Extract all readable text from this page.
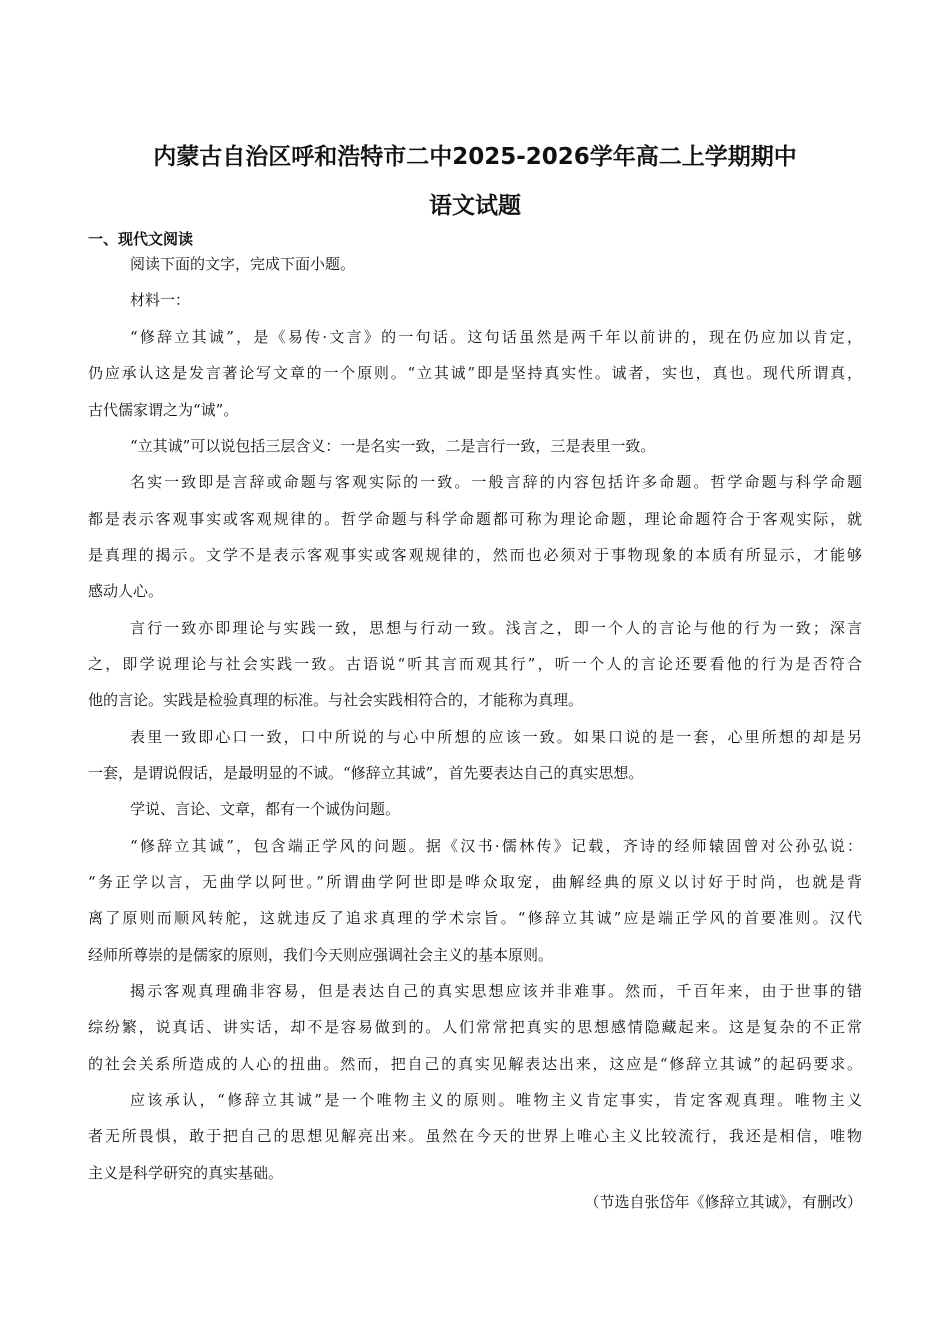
内蒙古自治区呼和浩特市二中2025-2026学年高二上学期期中
语文试题
一、现代文阅读
阅读下面的文字，完成下面小题。
材料一：
“修辞立其诚”，是《易传·文言》的一句话。这句话虽然是两千年以前讲的，现在仍应加以肯定，
仍应承认这是发言著论写文章的一个原则。“立其诚”即是坚持真实性。诚者，实也，真也。现代所谓真，
古代儒家谓之为“诚”。
“立其诚”可以说包括三层含义：一是名实一致，二是言行一致，三是表里一致。
名实一致即是言辞或命题与客观实际的一致。一般言辞的内容包括许多命题。哲学命题与科学命题
都是表示客观事实或客观规律的。哲学命题与科学命题都可称为理论命题，理论命题符合于客观实际，就
是真理的揭示。文学不是表示客观事实或客观规律的，然而也必须对于事物现象的本质有所显示，才能够
感动人心。
言行一致亦即理论与实践一致，思想与行动一致。浅言之，即一个人的言论与他的行为一致；深言
之，即学说理论与社会实践一致。古语说“听其言而观其行”，听一个人的言论还要看他的行为是否符合
他的言论。实践是检验真理的标准。与社会实践相符合的，才能称为真理。
表里一致即心口一致，口中所说的与心中所想的应该一致。如果口说的是一套，心里所想的却是另
一套，是谓说假话，是最明显的不诚。“修辞立其诚”，首先要表达自己的真实思想。
学说、言论、文章，都有一个诚伪问题。
“修辞立其诚”，包含端正学风的问题。据《汉书·儒林传》记载，齐诗的经师辕固曾对公孙弘说：
“务正学以言，无曲学以阿世。”所谓曲学阿世即是哗众取宠，曲解经典的原义以讨好于时尚，也就是背
离了原则而顺风转舵，这就违反了追求真理的学术宗旨。“修辞立其诚”应是端正学风的首要准则。汉代
经师所尊崇的是儒家的原则，我们今天则应强调社会主义的基本原则。
揭示客观真理确非容易，但是表达自己的真实思想应该并非难事。然而，千百年来，由于世事的错
综纷繁，说真话、讲实话，却不是容易做到的。人们常常把真实的思想感情隐藏起来。这是复杂的不正常
的社会关系所造成的人心的扭曲。然而，把自己的真实见解表达出来，这应是“修辞立其诚”的起码要求。
应该承认，“修辞立其诚”是一个唯物主义的原则。唯物主义肯定事实，肯定客观真理。唯物主义
者无所畏惧，敢于把自己的思想见解亮出来。虽然在今天的世界上唯心主义比较流行，我还是相信，唯物
主义是科学研究的真实基础。
（节选自张岱年《修辞立其诚》，有删改）
